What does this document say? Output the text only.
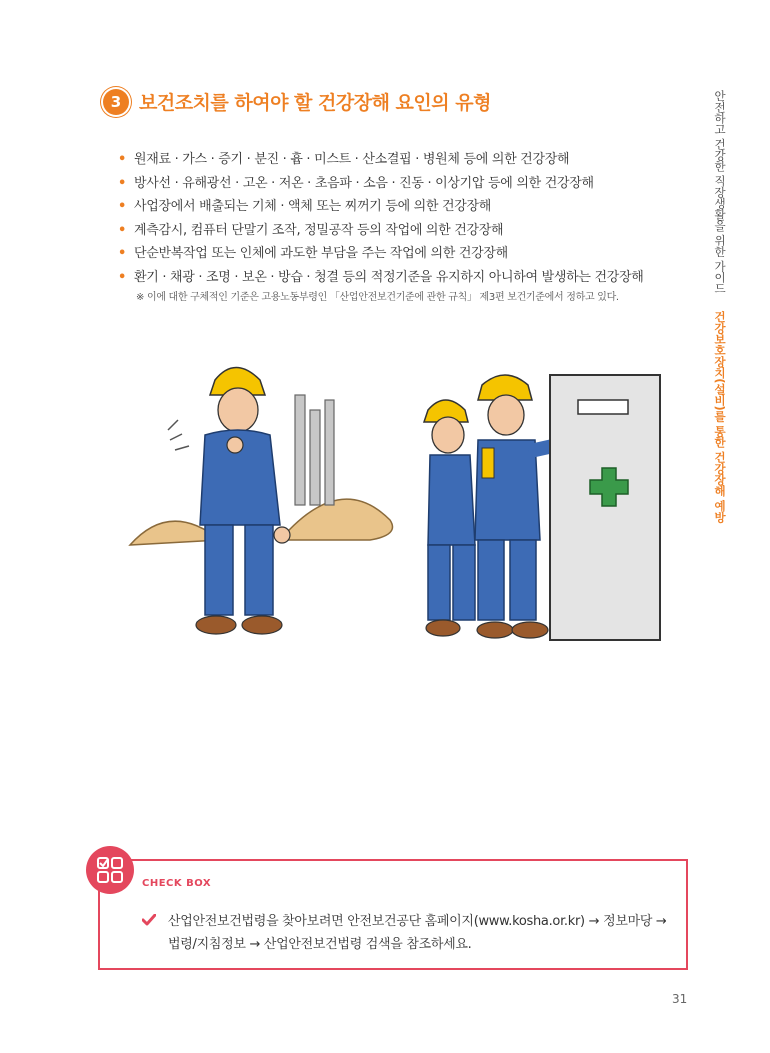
3 보건조치를 하여야 할 건강장해 요인의 유형
• 원재료 · 가스 · 증기 · 분진 · 흄 · 미스트 · 산소결핍 · 병원체 등에 의한 건강장해
• 방사선 · 유해광선 · 고온 · 저온 · 초음파 · 소음 · 진동 · 이상기압 등에 의한 건강장해
• 사업장에서 배출되는 기체 · 액체 또는 찌꺼기 등에 의한 건강장해
• 계측감시, 컴퓨터 단말기 조작, 정밀공작 등의 작업에 의한 건강장해
• 단순반복작업 또는 인체에 과도한 부담을 주는 작업에 의한 건강장해
• 환기 · 채광 · 조명 · 보온 · 방습 · 청결 등의 적정기준을 유지하지 아니하여 발생하는 건강장해
※ 이에 대한 구체적인 기준은 고용노동부령인 「산업안전보건기준에 관한 규칙」 제3편 보건기준에서 정하고 있다.
안전하고 건강한 직장생활을 위한 가이드 건강보호장치(설비)를 통한 건강장해 예방
CHECK BOX
산업안전보건법령을 찾아보려면 안전보건공단 홈페이지(www.kosha.or.kr) → 정보마당 → 법령/지침정보 → 산업안전보건법령 검색을 참조하세요.
31
